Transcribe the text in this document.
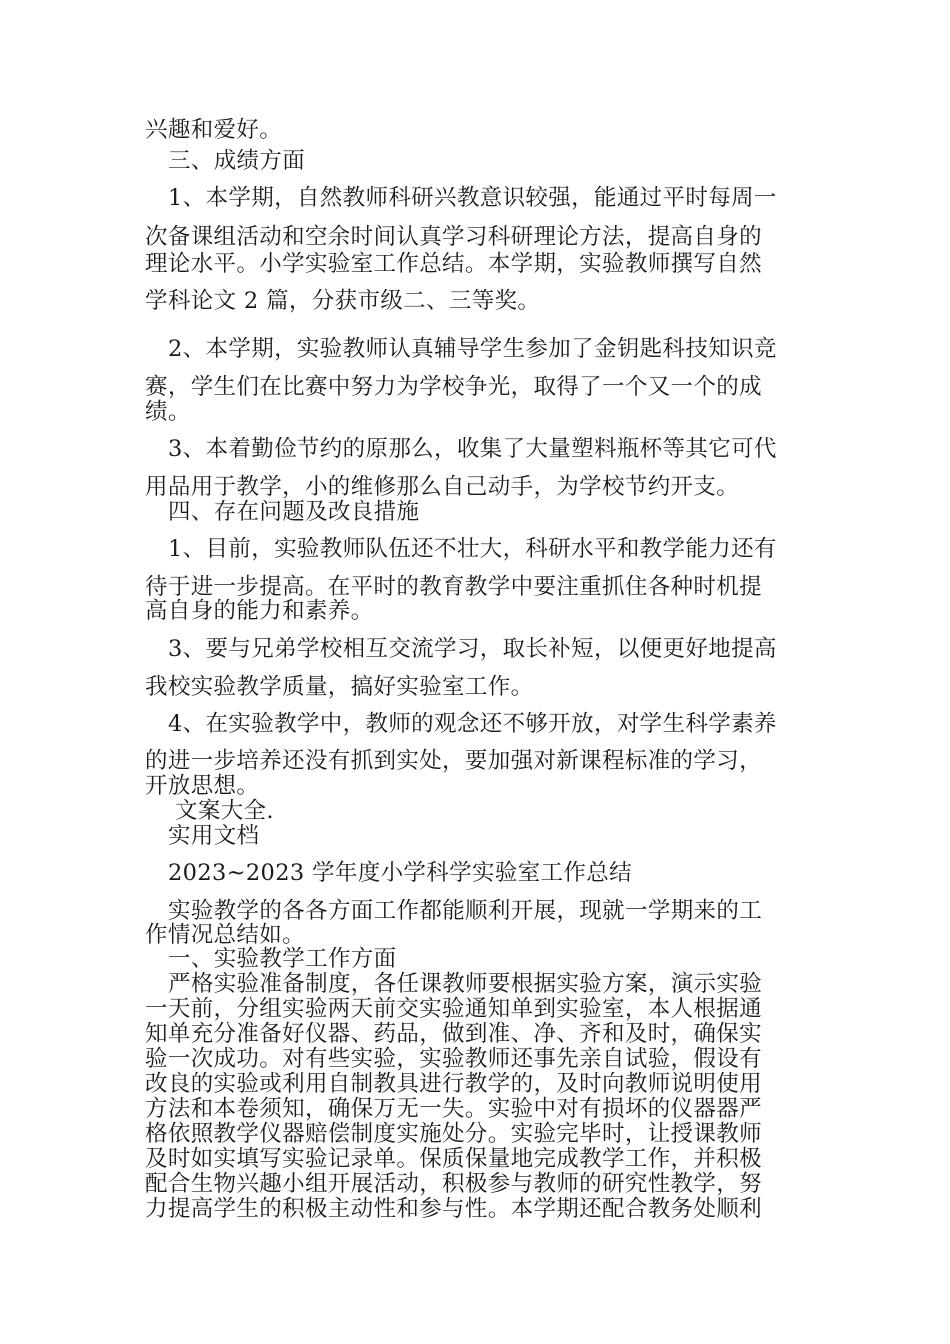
兴趣和爱好。

三、成绩方面

1、本学期，自然教师科研兴教意识较强，能通过平时每周一

次备课组活动和空余时间认真学习科研理论方法，提高自身的

理论水平。小学实验室工作总结。本学期，实验教师撰写自然

学科论文 2 篇，分获市级二、三等奖。

2、本学期，实验教师认真辅导学生参加了金钥匙科技知识竞

赛，学生们在比赛中努力为学校争光，取得了一个又一个的成

绩。

3、本着勤俭节约的原那么，收集了大量塑料瓶杯等其它可代

用品用于教学，小的维修那么自己动手，为学校节约开支。

四、存在问题及改良措施

1、目前，实验教师队伍还不壮大，科研水平和教学能力还有

待于进一步提高。在平时的教育教学中要注重抓住各种时机提

高自身的能力和素养。

3、要与兄弟学校相互交流学习，取长补短，以便更好地提高

我校实验教学质量，搞好实验室工作。

4、在实验教学中，教师的观念还不够开放，对学生科学素养

的进一步培养还没有抓到实处，要加强对新课程标准的学习，

开放思想。

文案大全.

实用文档

2023~2023 学年度小学科学实验室工作总结

实验教学的各各方面工作都能顺利开展，现就一学期来的工

作情况总结如。

一、实验教学工作方面

严格实验准备制度，各任课教师要根据实验方案，演示实验

一天前，分组实验两天前交实验通知单到实验室，本人根据通

知单充分准备好仪器、药品，做到准、净、齐和及时，确保实

验一次成功。对有些实验，实验教师还事先亲自试验，假设有

改良的实验或利用自制教具进行教学的，及时向教师说明使用

方法和本卷须知，确保万无一失。实验中对有损坏的仪器器严

格依照教学仪器赔偿制度实施处分。实验完毕时，让授课教师

及时如实填写实验记录单。保质保量地完成教学工作，并积极

配合生物兴趣小组开展活动，积极参与教师的研究性教学，努

力提高学生的积极主动性和参与性。本学期还配合教务处顺利
